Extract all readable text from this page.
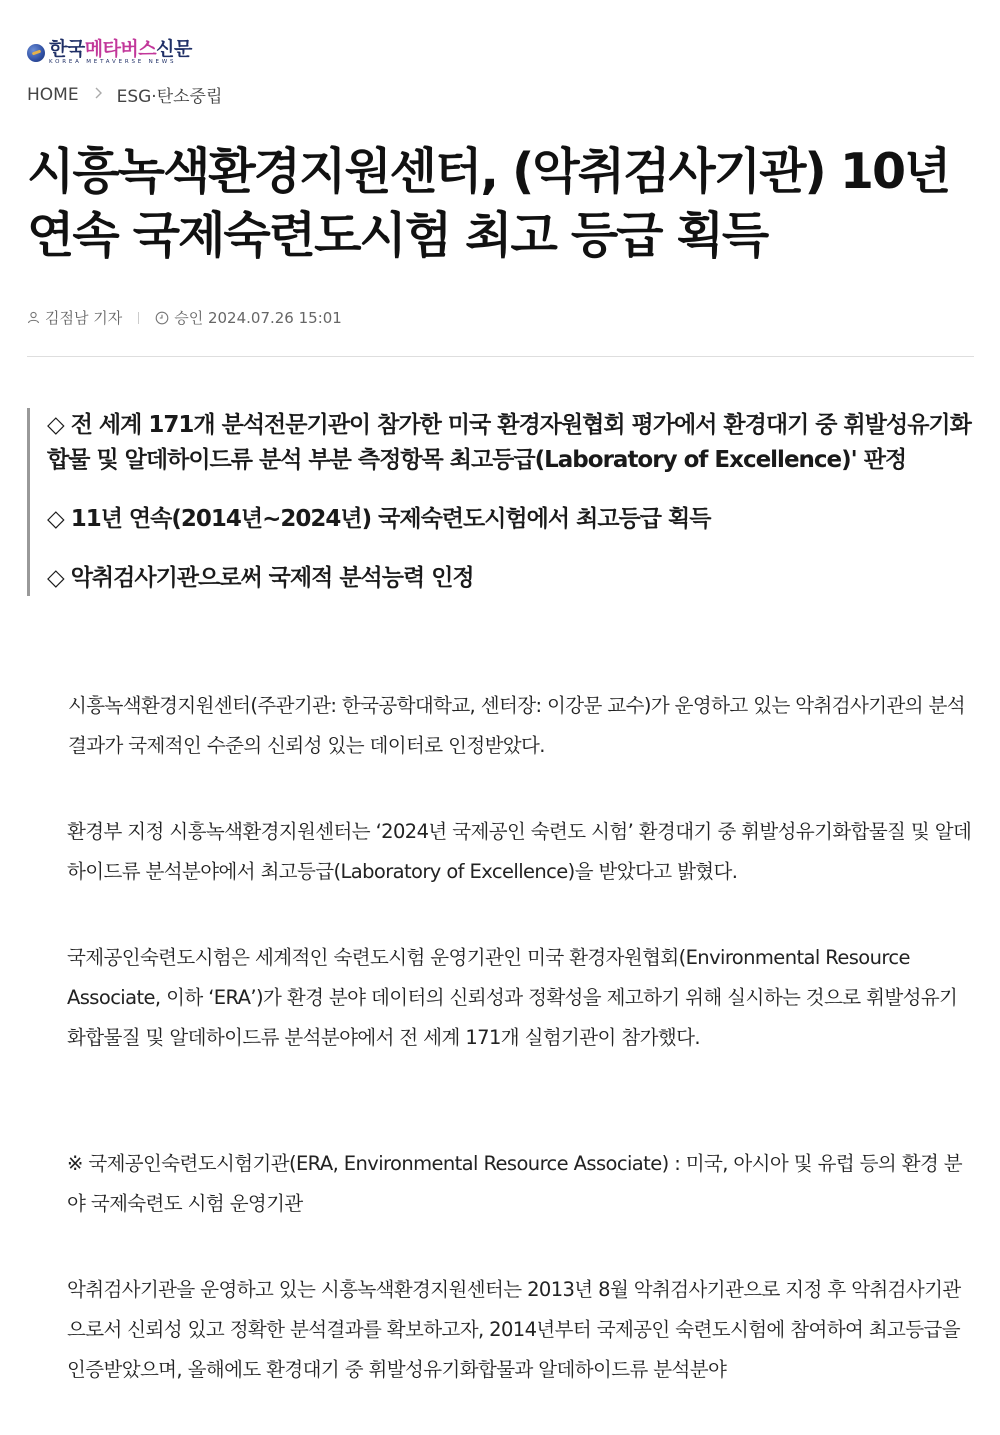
한국메타버스신문
KOREA METAVERSE NEWS
HOME ESG·탄소중립
시흥녹색환경지원센터, (악취검사기관) 10년 연속 국제숙련도시험 최고 등급 획득
김점남 기자	승인 2024.07.26 15:01

◇ 전 세계 171개 분석전문기관이 참가한 미국 환경자원협회 평가에서 환경대기 중 휘발성유기화합물 및 알데하이드류 분석 부분 측정항목 최고등급(Laboratory of Excellence)' 판정

◇ 11년 연속(2014년~2024년) 국제숙련도시험에서 최고등급 획득

◇ 악취검사기관으로써 국제적 분석능력 인정

시흥녹색환경지원센터(주관기관: 한국공학대학교, 센터장: 이강문 교수)가 운영하고 있는 악취검사기관의 분석결과가 국제적인 수준의 신뢰성 있는 데이터로 인정받았다.

환경부 지정 시흥녹색환경지원센터는 ‘2024년 국제공인 숙련도 시험’ 환경대기 중 휘발성유기화합물질 및 알데하이드류 분석분야에서 최고등급(Laboratory of Excellence)을 받았다고 밝혔다.

국제공인숙련도시험은 세계적인 숙련도시험 운영기관인 미국 환경자원협회(Environmental Resource Associate, 이하 ‘ERA’)가 환경 분야 데이터의 신뢰성과 정확성을 제고하기 위해 실시하는 것으로 휘발성유기화합물질 및 알데하이드류 분석분야에서 전 세계 171개 실험기관이 참가했다.

※ 국제공인숙련도시험기관(ERA, Environmental Resource Associate) : 미국, 아시아 및 유럽 등의 환경 분야 국제숙련도 시험 운영기관

악취검사기관을 운영하고 있는 시흥녹색환경지원센터는 2013년 8월 악취검사기관으로 지정 후 악취검사기관으로서 신뢰성 있고 정확한 분석결과를 확보하고자, 2014년부터 국제공인 숙련도시험에 참여하여 최고등급을 인증받았으며, 올해에도 환경대기 중 휘발성유기화합물과 알데하이드류 분석분야
